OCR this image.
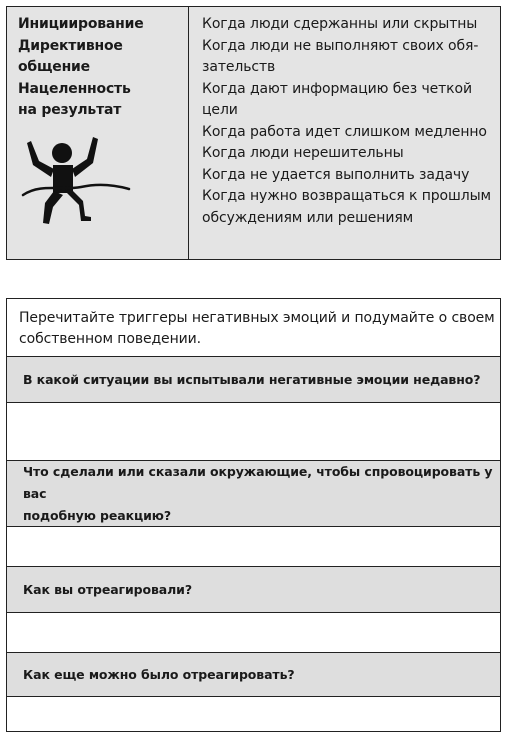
Инициирование
Директивное
общение
Нацеленность
на результат
Когда люди сдержанны или скрытны
Когда люди не выполняют своих обя-
зательств
Когда дают информацию без четкой
цели
Когда работа идет слишком медленно
Когда люди нерешительны
Когда не удается выполнить задачу
Когда нужно возвращаться к прошлым
обсуждениям или решениям
Перечитайте триггеры негативных эмоций и подумайте о своем
собственном поведении.
В какой ситуации вы испытывали негативные эмоции недавно?
Что сделали или сказали окружающие, чтобы спровоцировать у вас
подобную реакцию?
Как вы отреагировали?
Как еще можно было отреагировать?
